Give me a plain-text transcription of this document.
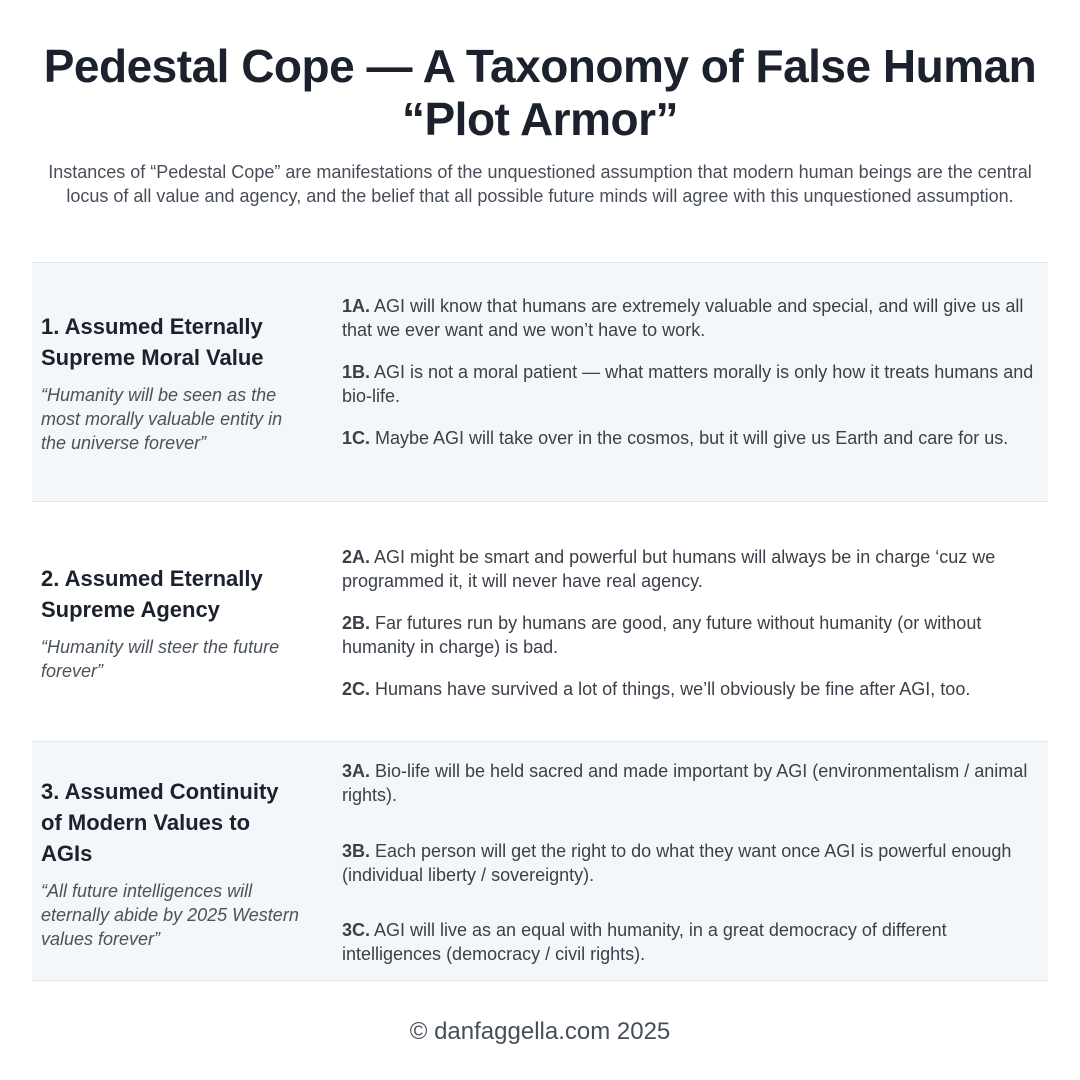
Pedestal Cope — A Taxonomy of False Human “Plot Armor”

Instances of “Pedestal Cope” are manifestations of the unquestioned assumption that modern human beings are the central locus of all value and agency, and the belief that all possible future minds will agree with this unquestioned assumption.

1. Assumed Eternally Supreme Moral Value

“Humanity will be seen as the most morally valuable entity in the universe forever”

1A. AGI will know that humans are extremely valuable and special, and will give us all that we ever want and we won’t have to work.

1B. AGI is not a moral patient — what matters morally is only how it treats humans and bio-life.

1C. Maybe AGI will take over in the cosmos, but it will give us Earth and care for us.

2. Assumed Eternally Supreme Agency

“Humanity will steer the future forever”

2A. AGI might be smart and powerful but humans will always be in charge ‘cuz we programmed it, it will never have real agency.

2B. Far futures run by humans are good, any future without humanity (or without humanity in charge) is bad.

2C. Humans have survived a lot of things, we’ll obviously be fine after AGI, too.

3. Assumed Continuity of Modern Values to AGIs

“All future intelligences will eternally abide by 2025 Western values forever”

3A. Bio-life will be held sacred and made important by AGI (environmentalism / animal rights).

3B. Each person will get the right to do what they want once AGI is powerful enough (individual liberty / sovereignty).

3C. AGI will live as an equal with humanity, in a great democracy of different intelligences (democracy / civil rights).

© danfaggella.com 2025
